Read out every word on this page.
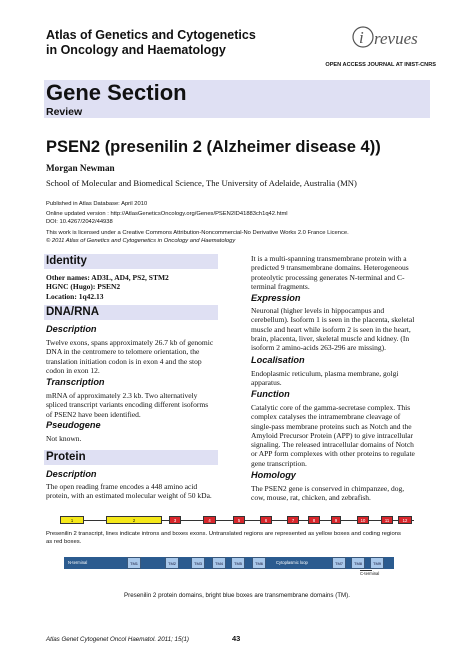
Atlas of Genetics and Cytogenetics
in Oncology and Haematology
i revues
OPEN ACCESS JOURNAL AT INIST-CNRS
Gene Section
Review
PSEN2 (presenilin 2 (Alzheimer disease 4))
Morgan Newman
School of Molecular and Biomedical Science, The University of Adelaide, Australia (MN)
Published in Atlas Database: April 2010
Online updated version : http://AtlasGeneticsOncology.org/Genes/PSEN2ID41883ch1q42.html
DOI: 10.4267/2042/44938
This work is licensed under a Creative Commons Attribution-Noncommercial-No Derivative Works 2.0 France Licence.
© 2011 Atlas of Genetics and Cytogenetics in Oncology and Haematology
Identity
Other names: AD3L, AD4, PS2, STM2
HGNC (Hugo): PSEN2
Location: 1q42.13
DNA/RNA
Description
Twelve exons, spans approximately 26.7 kb of genomic
DNA in the centromere to telomere orientation, the
translation initiation codon is in exon 4 and the stop
codon in exon 12.
Transcription
mRNA of approximately 2.3 kb. Two alternatively
spliced transcript variants encoding different isoforms
of PSEN2 have been identified.
Pseudogene
Not known.
Protein
Description
The open reading frame encodes a 448 amino acid
protein, with an estimated molecular weight of 50 kDa.
It is a multi-spanning transmembrane protein with a
predicted 9 transmembrane domains. Heterogeneous
proteolytic processing generates N-terminal and C-
terminal fragments.
Expression
Neuronal (higher levels in hippocampus and
cerebellum). Isoform 1 is seen in the placenta, skeletal
muscle and heart while isoform 2 is seen in the heart,
brain, placenta, liver, skeletal muscle and kidney. (In
isoform 2 amino-acids 263-296 are missing).
Localisation
Endoplasmic reticulum, plasma membrane, golgi
apparatus.
Function
Catalytic core of the gamma-secretase complex. This
complex catalyses the intramembrane cleavage of
single-pass membrane proteins such as Notch and the
Amyloid Precursor Protein (APP) to give intracellular
signaling. The released intracellular domains of Notch
or APP form complexes with other proteins to regulate
gene transcription.
Homology
The PSEN2 gene is conserved in chimpanzee, dog,
cow, mouse, rat, chicken, and zebrafish.
1	2	3	4	5	6	7	8	9	10	11	12
Presenilin 2 transcript, lines indicate introns and boxes exons. Untranslated regions are represented as yellow boxes and coding regions
as red boxes.
N-terminal	TM1	TM2	TM3	TM4	TM5	TM6	Cytoplasmic loop	TM7	TM8	TM9
C-terminal
Presenilin 2 protein domains, bright blue boxes are transmembrane domains (TM).
Atlas Genet Cytogenet Oncol Haematol. 2011; 15(1)	43
